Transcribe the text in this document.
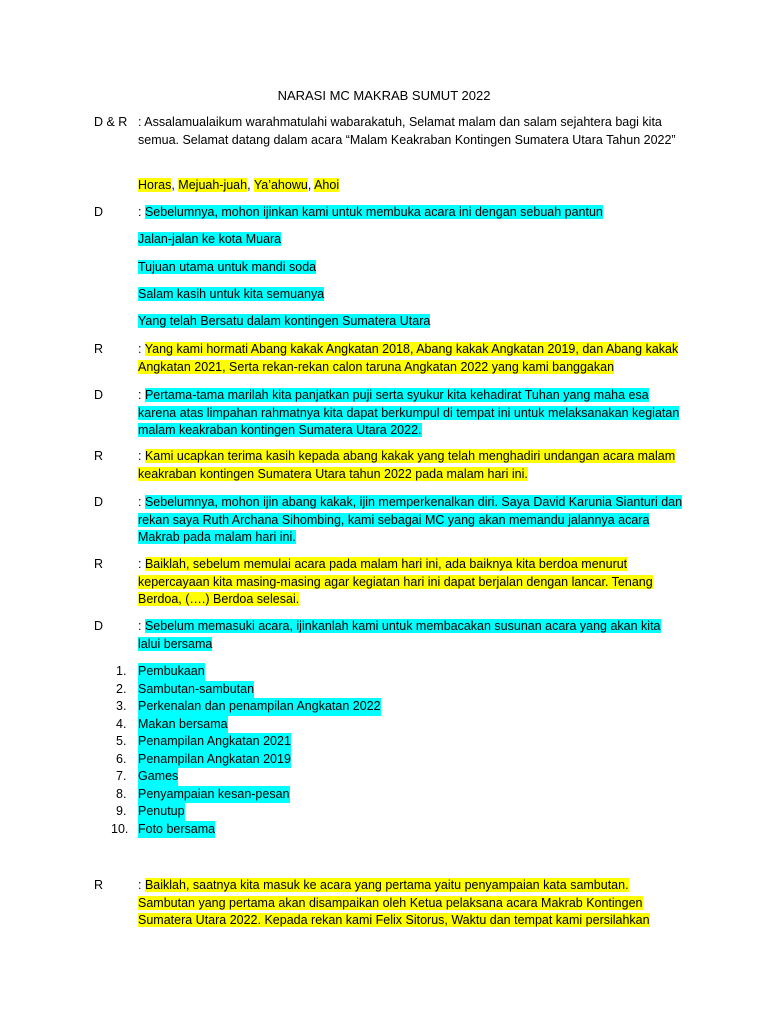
NARASI MC MAKRAB SUMUT 2022
D & R : Assalamualaikum warahmatulahi wabarakatuh, Selamat malam dan salam sejahtera bagi kita semua. Selamat datang dalam acara “Malam Keakraban Kontingen Sumatera Utara Tahun 2022”
Horas, Mejuah-juah, Ya’ahowu, Ahoi
D	: Sebelumnya, mohon ijinkan kami untuk membuka acara ini dengan sebuah pantun
Jalan-jalan ke kota Muara
Tujuan utama untuk mandi soda
Salam kasih untuk kita semuanya
Yang telah Bersatu dalam kontingen Sumatera Utara
R	: Yang kami hormati Abang kakak Angkatan 2018, Abang kakak Angkatan 2019, dan Abang kakak Angkatan 2021, Serta rekan-rekan calon taruna Angkatan 2022 yang kami banggakan
D	: Pertama-tama marilah kita panjatkan puji serta syukur kita kehadirat Tuhan yang maha esa karena atas limpahan rahmatnya kita dapat berkumpul di tempat ini untuk melaksanakan kegiatan malam keakraban kontingen Sumatera Utara 2022.
R	: Kami ucapkan terima kasih kepada abang kakak yang telah menghadiri undangan acara malam keakraban kontingen Sumatera Utara tahun 2022 pada malam hari ini.
D	: Sebelumnya, mohon ijin abang kakak, ijin memperkenalkan diri. Saya David Karunia Sianturi dan rekan saya Ruth Archana Sihombing, kami sebagai MC yang akan memandu jalannya acara Makrab pada malam hari ini.
R	: Baiklah, sebelum memulai acara pada malam hari ini, ada baiknya kita berdoa menurut kepercayaan kita masing-masing agar kegiatan hari ini dapat berjalan dengan lancar. Tenang Berdoa, (….) Berdoa selesai.
D	: Sebelum memasuki acara, ijinkanlah kami untuk membacakan susunan acara yang akan kita lalui bersama
1. Pembukaan
2. Sambutan-sambutan
3. Perkenalan dan penampilan Angkatan 2022
4. Makan bersama
5. Penampilan Angkatan 2021
6. Penampilan Angkatan 2019
7. Games
8. Penyampaian kesan-pesan
9. Penutup
10. Foto bersama
R	: Baiklah, saatnya kita masuk ke acara yang pertama yaitu penyampaian kata sambutan. Sambutan yang pertama akan disampaikan oleh Ketua pelaksana acara Makrab Kontingen Sumatera Utara 2022. Kepada rekan kami Felix Sitorus, Waktu dan tempat kami persilahkan
